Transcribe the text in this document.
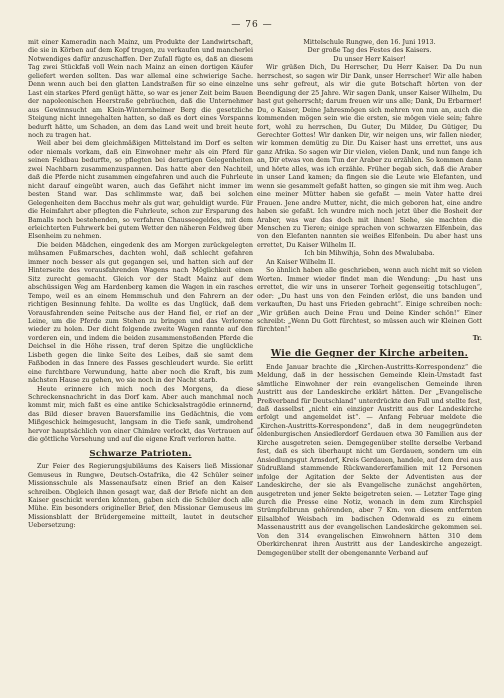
— 76 —

mit einer Kameradin nach Mainz, um Produkte der Landwirtschaft, die sie in Körben auf dem Kopf trugen, zu verkaufen und mancherlei Notwendiges dafür anzuschaffen. Der Zufall fügte es, daß an diesem Tag zwei Stückfaß voll Wein nach Mainz an einen dortigen Käufer geliefert werden sollten. Das war allemal eine schwierige Sache. Denn wenn auch bei den glatten Landstraßen für so eine einzelne Last ein starkes Pferd genügt hätte, so war es jener Zeit beim Bauen der napoleonischen Heerstraße gebräuchen, daß die Unternehmer aus Gewinnsucht am Klein-Winternheimer Berg die gesetzliche Steigung nicht innegehalten hatten, so daß es dort eines Vorspanns bedurft hätte, um Schaden, an dem das Land weit und breit heute noch zu tragen hat.

Weil aber bei dem gleichmäßigen Mittelstand im Dorf es selten oder niemals vorkam, daß ein Einwohner mehr als ein Pferd für seinen Feldbau bedurfte, so pflegten bei derartigen Gelegenheiten zwei Nachbarn zusammenzuspannen. Das hatte aber den Nachteil, daß die Pferde nicht zusammen eingefahren und auch die Fuhrleute nicht darauf eingeübt waren, auch das Gefährt nicht immer im besten Stand war. Das schlimmste war, daß bei solchen Gelegenheiten dem Bacchus mehr als gut war, gehuldigt wurde. Für die Heimfahrt aber pflegten die Fuhrleute, schon zur Ersparung des Bamalls noch bestehenden, so verfahren Chausseegeldes, mit dem erleichterten Fuhrwerk bei gutem Wetter den näheren Feldweg über Elsenheim zu nehmen.

Die beiden Mädchen, eingedenk des am Morgen zurückgelegten mühsamen Fußmarsches, dachten wohl, daß schlecht gefahren immer noch besser als gut gegangen sei, und hatten sich auf der Hinterseite des vorausfahrenden Wagens nach Möglichkeit einen Sitz zurecht gemacht. Gleich vor der Stadt Mainz auf dem abschüssigen Weg am Hardenberg kamen die Wagen in ein rasches Tempo, weil es an einem Hemmschuh und den Fahrern an der richtigen Besinnung fehlte. Da wollte es das Unglück, daß dem Vorausfahrenden seine Peitsche aus der Hand fiel, er rief an der Leine, um die Pferde zum Stehen zu bringen und das Verlorene wieder zu holen. Der dicht folgende zweite Wagen rannte auf den vorderen ein, und indem die beiden zusammenstoßenden Pferde die Deichsel in die Höhe rissen, traf deren Spitze die unglückliche Lisbeth gegen die linke Seite des Leibes, daß sie samt dem Faßboden in das Innere des Fasses geschleudert wurde. Sie erlitt eine furchtbare Verwundung, hatte aber noch die Kraft, bis zum nächsten Hause zu gehen, wo sie noch in der Nacht starb.

Heute erinnere ich mich noch des Morgens, da diese Schreckensnachricht in das Dorf kam. Aber auch manchmal noch kommt mir, mich faßt es eine antike Schicksalstragödie erinnernd, das Bild dieser braven Bauersfamilie ins Gedächtnis, die vom Mißgeschick heimgesucht, langsam in die Tiefe sank, umdrohend hervor hauptsächlich von einer Chimäre verlockt, das Vertrauen auf die göttliche Vorsehung und auf die eigene Kraft verloren hatte.

Schwarze Patrioten.

Zur Feier des Regierungsjubiläums des Kaisers ließ Missionar Gemuseus in Rungwe, Deutsch-Ostafrika, die 42 Schüler seiner Missionsschule als Massenaufsatz einen Brief an den Kaiser schreiben. Obgleich ihnen gesagt war, daß der Briefe nicht an den Kaiser geschickt werden könnten, gaben sich die Schüler doch alle Mühe. Ein besonders origineller Brief, den Missionar Gemuseus im Missionsblatt der Brüdergemeine mitteilt, lautet in deutscher Uebersetzung:

Mittelschule Rungwe, den 16. Juni 1913.

Der große Tag des Festes des Kaisers.

Du unser Herr Kaiser!

Wir grüßen Dich, Du Herrscher, Du Herr Kaiser. Da Du nun herrschest, so sagen wir Dir Dank, unser Herrscher! Wir alle haben uns sehr gefreut, als wir die gute Botschaft hörten von der Beendigung der 25 Jahre. Wir sagen Dank, unser Kaiser Wilhelm, Du hast gut geherrscht; darum freuen wir uns alle; Dank, Du Erbarmer! Du, o Kaiser, Deine Jahresmögen sich mehren von nun an, auch die kommenden mögen sein wie die ersten, sie mögen viele sein; fahre fort, wohl zu herrschen, Du Guter, Du Milder, Du Gütiger, Du Gerechter Gottes! Wir danken Dir, wir neigen uns, wir fallen nieder, wir kommen demütig zu Dir. Du Kaiser hast uns errettet, uns aus ganz Afrika. So sagen wir Dir vielen, vielen Dank, und nun fange ich an, Dir etwas von dem Tun der Araber zu erzählen. So kommen dann und hörte alles, was ich erzähle. Früher begab sich, daß die Araber in unser Land kamen; da fingen sie die Leute wie Elefanten, und wenn sie gesammelt gefaßt hatten, so gingen sie mit ihm weg. Auch eine meiner Mütter haben sie gefaßt — mein Vater hatte drei Frauen. Jene andre Mutter, nicht, die mich geboren hat, eine andre haben sie gefaßt. Ich wundre mich noch jetzt über die Bosheit der Araber, was war das doch mit ihnen! Siehe, sie machten die Menschen zu Tieren; einige sprachen von schwarzen Elfenbein, das von den Elefanten nannten sie weißes Elfenbein. Du aber hast uns errettet, Du Kaiser Wilhelm II.

Ich bin Mihwihja, Sohn des Mwalubaba.

An Kaiser Wilhelm II.

So ähnlich haben alle geschrieben, wenn auch nicht mit so vielen Worten. Immer wieder findet man die Wendung: „Du hast uns errettet, die wir uns in unserer Torheit gegenseitig totschlugen“, oder: „Du hast uns von den Feinden erlöst, die uns banden und verkauften, Du hast uns Frieden gebracht“. Einige schreiben noch: „Wir grüßen auch Deine Frau und Deine Kinder schön!“ Einer schreibt: „Wenn Du Gott fürchtest, so müssen auch wir Kleinen Gott fürchten!“

Tr.

Wie die Gegner der Kirche arbeiten.

Ende Januar brachte die „Kirchen-Austritts-Korrespondenz“ die Meldung, daß in der hessischen Gemeinde Klein-Umstadt fast sämtliche Einwohner der rein evangelischen Gemeinde ihren Austritt aus der Landeskirche erklärt hätten. Der „Evangelische Preßverband für Deutschland“ unterdrückte den Fall und stellte fest, daß dasselbst „nicht ein einziger Austritt aus der Landeskirche erfolgt und angemeldet ist“. — Anfang Februar meldete die „Kirchen-Austritts-Korrespondenz“, daß in dem neugegründeten oldenburgischen Ansiedlerdorf Gerdauen etwa 30 Familien aus der Kirche ausgetreten seien. Demgegenüber stellte derselbe Verband fest, daß es sich überhaupt nicht um Gerdauen, sondern um ein Ansiedlungsgut Arnsdorf, Kreis Gerdauen, handele, auf dem drei aus Südrußland stammende Rückwandererfamilien mit 12 Personen infolge der Agitation der Sekte der Adventisten aus der Landeskirche, der sie als Evangelische zunächst angehörten, ausgetreten und jener Sekte beigetreten seien. — Letzter Tage ging durch die Presse eine Notiz, wonach in dem zum Kirchspiel Strümpfelbrunn gehörenden, aber 7 Km. von diesem entfernten Eilsalbhof Weisbach im badischen Odenwald es zu einem Massenaustritt aus der evangelischen Landeskirche gekommen sei. Von den 314 evangelischen Einwohnern hätten 310 dem Oberkirchenrat ihren Austritt aus der Landeskirche angezeigt. Demgegenüber stellt der obengenannte Verband auf
